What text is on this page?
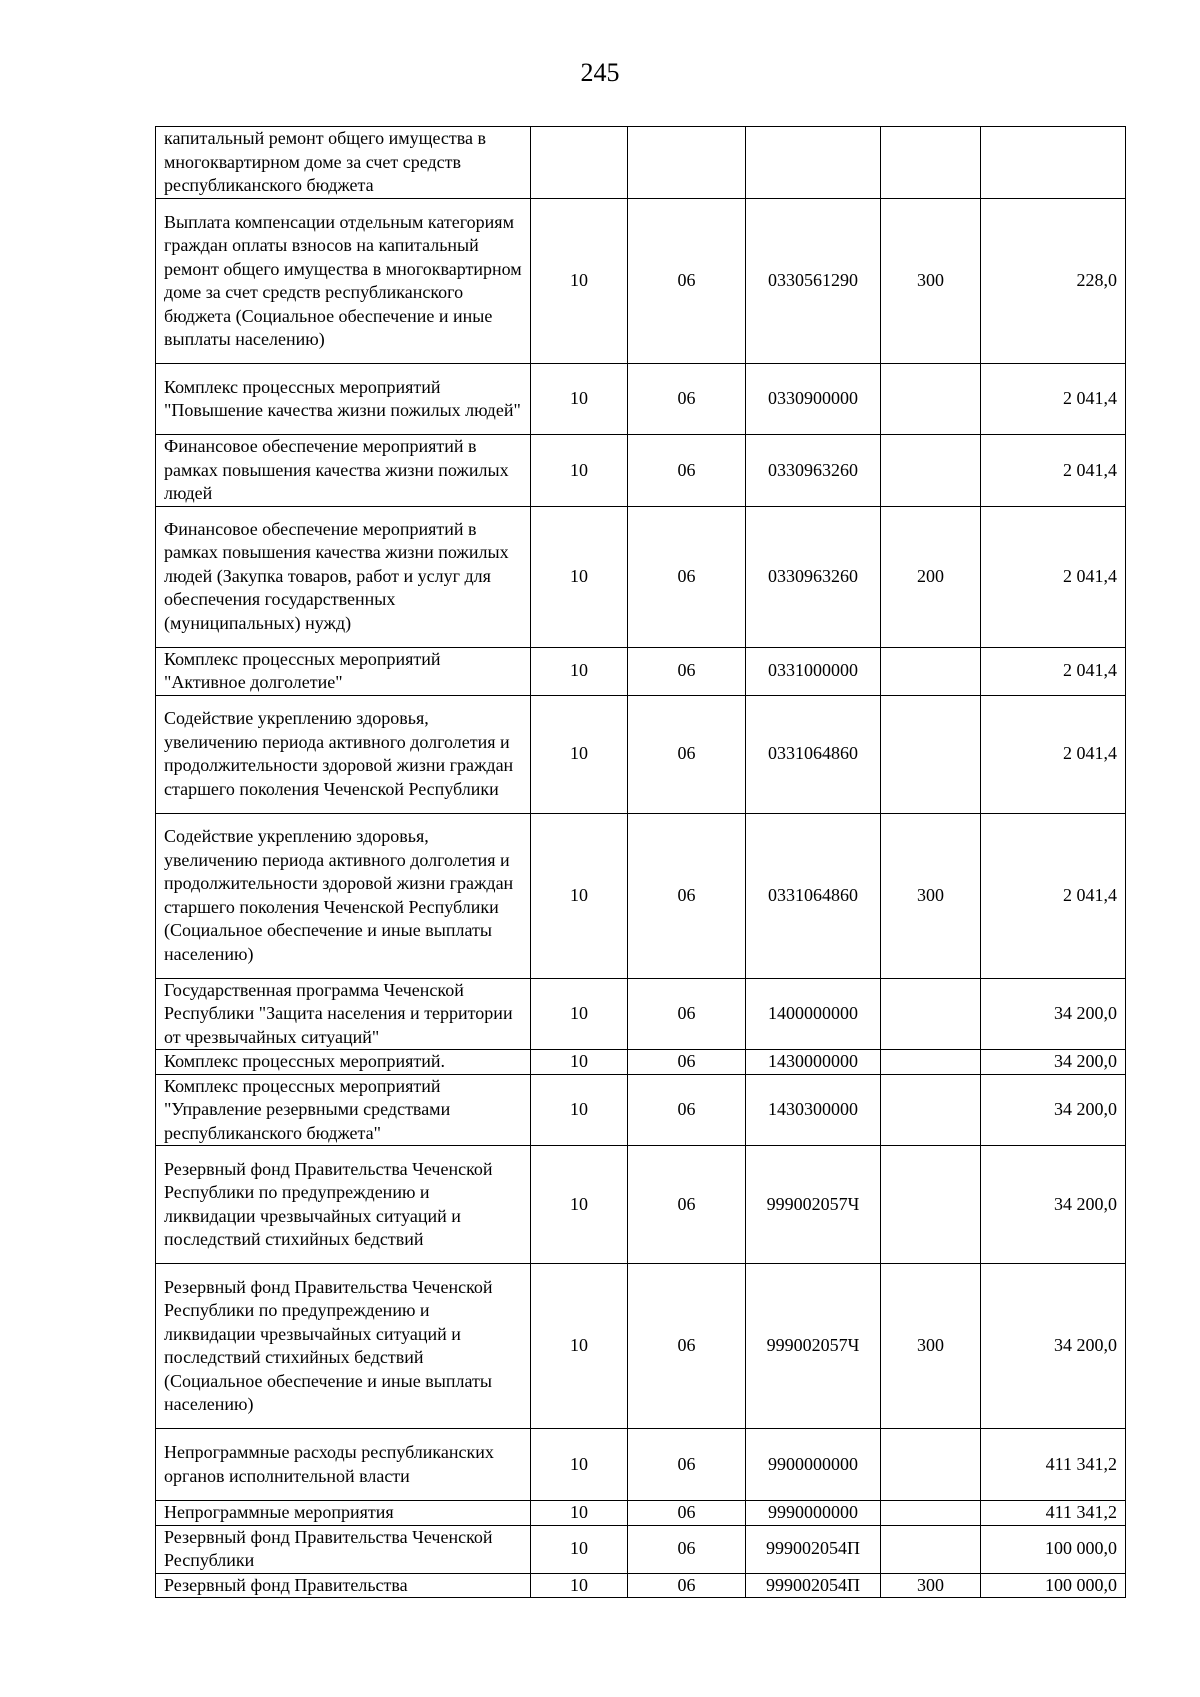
245
капитальный ремонт общего имущества в многоквартирном доме за счет средств республиканского бюджета					
Выплата компенсации отдельным категориям граждан оплаты взносов на капитальный ремонт общего имущества в многоквартирном доме за счет средств республиканского бюджета (Социальное обеспечение и иные выплаты населению)	10	06	0330561290	300	228,0
Комплекс процессных мероприятий "Повышение качества жизни пожилых людей"	10	06	0330900000		2 041,4
Финансовое обеспечение мероприятий в рамках повышения качества жизни пожилых людей	10	06	0330963260		2 041,4
Финансовое обеспечение мероприятий в рамках повышения качества жизни пожилых людей (Закупка товаров, работ и услуг для обеспечения государственных (муниципальных) нужд)	10	06	0330963260	200	2 041,4
Комплекс процессных мероприятий "Активное долголетие"	10	06	0331000000		2 041,4
Содействие укреплению здоровья, увеличению периода активного долголетия и продолжительности здоровой жизни граждан старшего поколения Чеченской Республики	10	06	0331064860		2 041,4
Содействие укреплению здоровья, увеличению периода активного долголетия и продолжительности здоровой жизни граждан старшего поколения Чеченской Республики (Социальное обеспечение и иные выплаты населению)	10	06	0331064860	300	2 041,4
Государственная программа Чеченской Республики "Защита населения и территории от чрезвычайных ситуаций"	10	06	1400000000		34 200,0
Комплекс процессных мероприятий.	10	06	1430000000		34 200,0
Комплекс процессных мероприятий "Управление резервными средствами республиканского бюджета"	10	06	1430300000		34 200,0
Резервный фонд Правительства Чеченской Республики по предупреждению и ликвидации чрезвычайных ситуаций и последствий стихийных бедствий	10	06	999002057Ч		34 200,0
Резервный фонд Правительства Чеченской Республики по предупреждению и ликвидации чрезвычайных ситуаций и последствий стихийных бедствий (Социальное обеспечение и иные выплаты населению)	10	06	999002057Ч	300	34 200,0
Непрограммные расходы республиканских органов исполнительной власти	10	06	9900000000		411 341,2
Непрограммные мероприятия	10	06	9990000000		411 341,2
Резервный фонд Правительства Чеченской Республики	10	06	999002054П		100 000,0
Резервный фонд Правительства	10	06	999002054П	300	100 000,0
